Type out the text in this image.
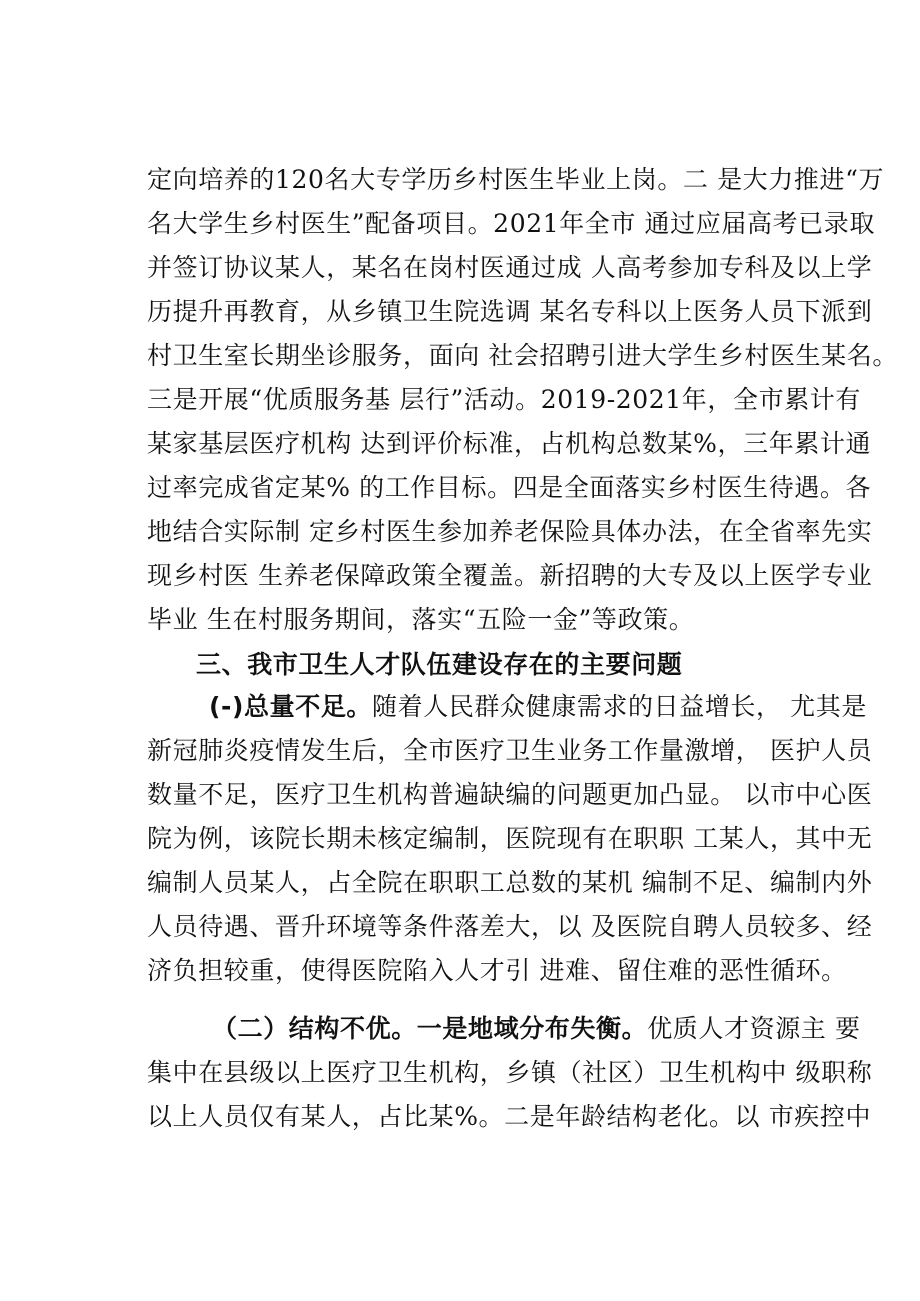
定向培养的120名大专学历乡村医生毕业上岗。二 是大力推进“万
名大学生乡村医生”配备项目。2021年全市 通过应届高考已录取
并签订协议某人，某名在岗村医通过成 人高考参加专科及以上学
历提升再教育，从乡镇卫生院选调 某名专科以上医务人员下派到
村卫生室长期坐诊服务，面向 社会招聘引进大学生乡村医生某名。
三是开展“优质服务基 层行”活动。2019-2021年，全市累计有
某家基层医疗机构 达到评价标准，占机构总数某%，三年累计通
过率完成省定某% 的工作目标。四是全面落实乡村医生待遇。各
地结合实际制 定乡村医生参加养老保险具体办法，在全省率先实
现乡村医 生养老保障政策全覆盖。新招聘的大专及以上医学专业
毕业 生在村服务期间，落实“五险一金”等政策。
三、我市卫生人才队伍建设存在的主要问题
(-)总量不足。随着人民群众健康需求的日益增长， 尤其是
新冠肺炎疫情发生后，全市医疗卫生业务工作量激增， 医护人员
数量不足，医疗卫生机构普遍缺编的问题更加凸显。 以市中心医
院为例，该院长期未核定编制，医院现有在职职 工某人，其中无
编制人员某人，占全院在职职工总数的某机 编制不足、编制内外
人员待遇、晋升环境等条件落差大，以 及医院自聘人员较多、经
济负担较重，使得医院陷入人才引 进难、留住难的恶性循环。
（二）结构不优。一是地域分布失衡。优质人才资源主 要
集中在县级以上医疗卫生机构，乡镇（社区）卫生机构中 级职称
以上人员仅有某人，占比某%。二是年龄结构老化。以 市疾控中
